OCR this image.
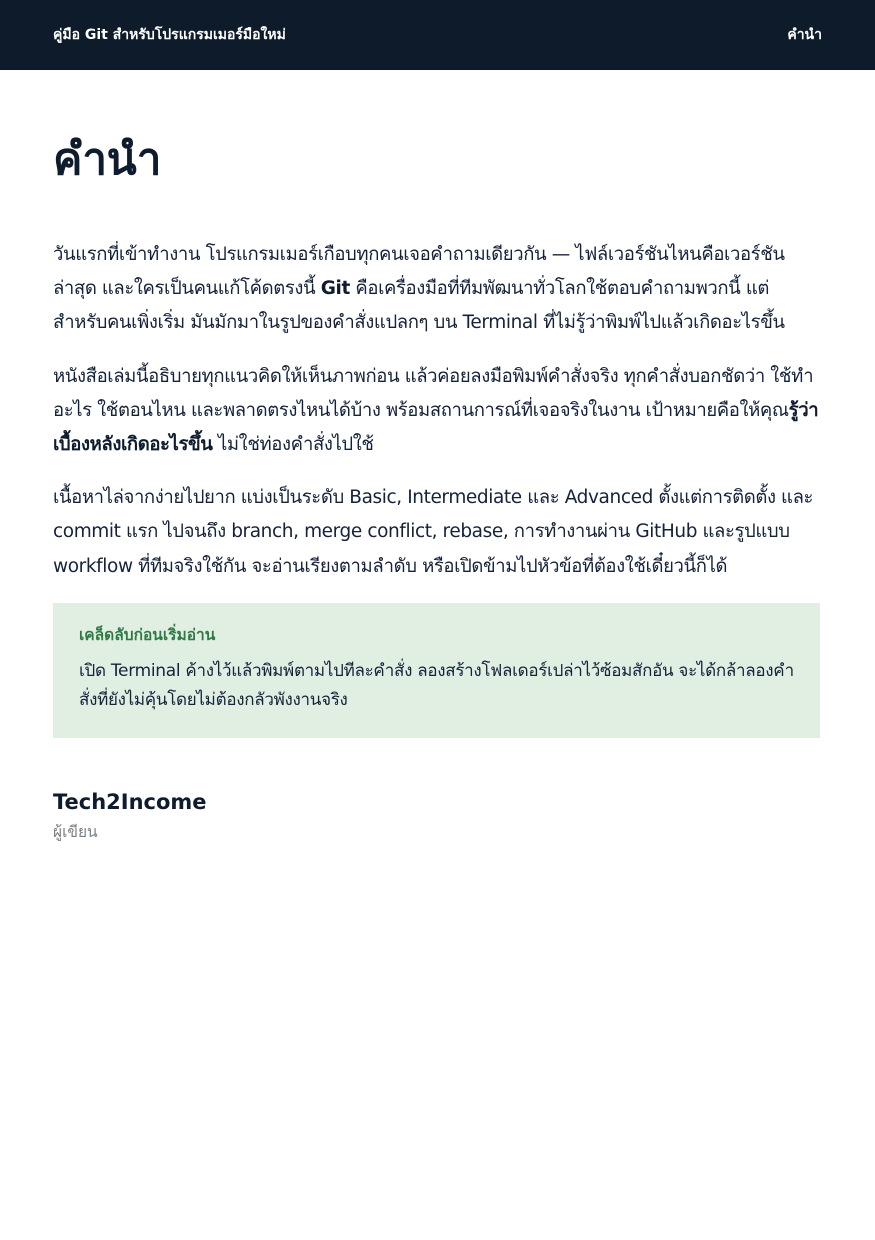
คู่มือ Git สำหรับโปรแกรมเมอร์มือใหม่	คำนำ
คำนำ

วันแรกที่เข้าทำงาน โปรแกรมเมอร์เกือบทุกคนเจอคำถามเดียวกัน — ไฟล์เวอร์ชันไหนคือเวอร์ชันล่าสุด และใครเป็นคนแก้โค้ดตรงนี้ Git คือเครื่องมือที่ทีมพัฒนาทั่วโลกใช้ตอบคำถามพวกนี้ แต่สำหรับคนเพิ่งเริ่ม มันมักมาในรูปของคำสั่งแปลกๆ บน Terminal ที่ไม่รู้ว่าพิมพ์ไปแล้วเกิดอะไรขึ้น

หนังสือเล่มนี้อธิบายทุกแนวคิดให้เห็นภาพก่อน แล้วค่อยลงมือพิมพ์คำสั่งจริง ทุกคำสั่งบอกชัดว่า ใช้ทำอะไร ใช้ตอนไหน และพลาดตรงไหนได้บ้าง พร้อมสถานการณ์ที่เจอจริงในงาน เป้าหมายคือให้คุณรู้ว่าเบื้องหลังเกิดอะไรขึ้น ไม่ใช่ท่องคำสั่งไปใช้

เนื้อหาไล่จากง่ายไปยาก แบ่งเป็นระดับ Basic, Intermediate และ Advanced ตั้งแต่การติดตั้ง และ commit แรก ไปจนถึง branch, merge conflict, rebase, การทำงานผ่าน GitHub และรูปแบบ workflow ที่ทีมจริงใช้กัน จะอ่านเรียงตามลำดับ หรือเปิดข้ามไปหัวข้อที่ต้องใช้เดี๋ยวนี้ก็ได้

เคล็ดลับก่อนเริ่มอ่าน

เปิด Terminal ค้างไว้แล้วพิมพ์ตามไปทีละคำสั่ง ลองสร้างโฟลเดอร์เปล่าไว้ซ้อมสักอัน จะได้กล้าลองคำสั่งที่ยังไม่คุ้นโดยไม่ต้องกลัวพังงานจริง

Tech2Income

ผู้เขียน
